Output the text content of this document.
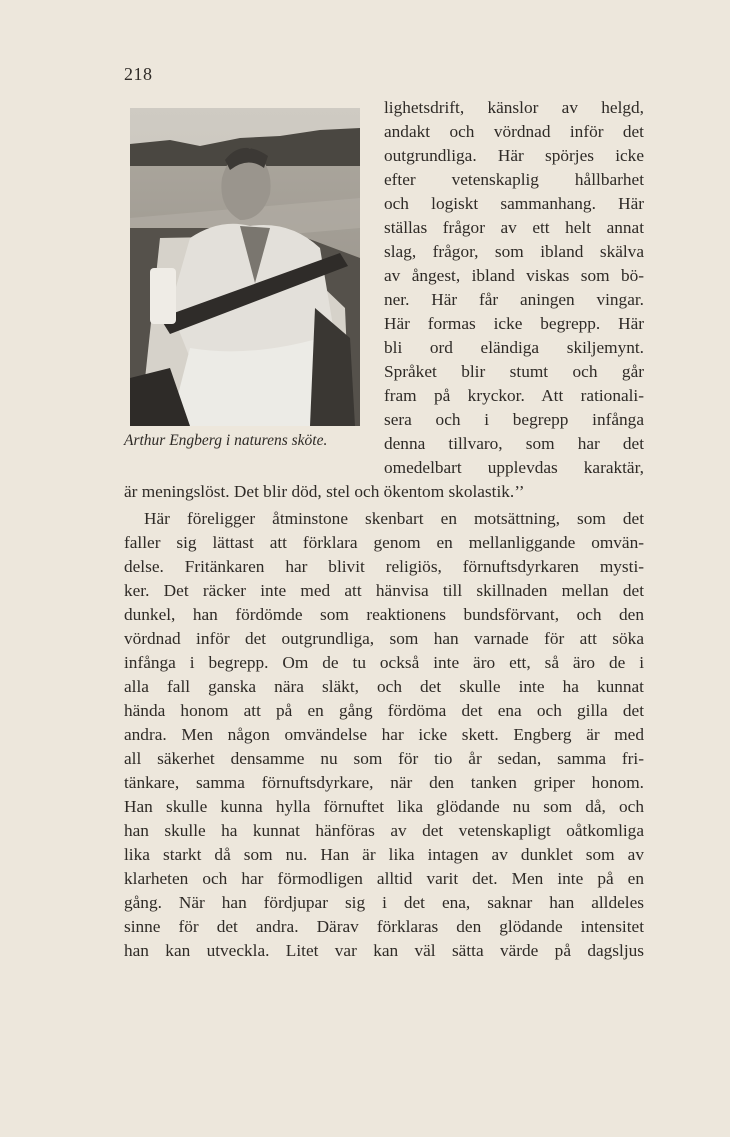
218
Arthur Engberg i naturens sköte.
lighetsdrift, känslor av helgd,
andakt och vördnad inför det
outgrundliga. Här spörjes icke
efter vetenskaplig hållbarhet
och logiskt sammanhang. Här
ställas frågor av ett helt annat
slag, frågor, som ibland skälva
av ångest, ibland viskas som bö-
ner. Här får aningen vingar.
Här formas icke begrepp. Här
bli ord eländiga skiljemynt.
Språket blir stumt och går
fram på kryckor. Att rationali-
sera och i begrepp infånga
denna tillvaro, som har det
omedelbart upplevdas karaktär,
är meningslöst. Det blir död, stel och ökentom skolastik.’’
Här föreligger åtminstone skenbart en motsättning, som det
faller sig lättast att förklara genom en mellanliggande omvän-
delse. Fritänkaren har blivit religiös, förnuftsdyrkaren mysti-
ker. Det räcker inte med att hänvisa till skillnaden mellan det
dunkel, han fördömde som reaktionens bundsförvant, och den
vördnad inför det outgrundliga, som han varnade för att söka
infånga i begrepp. Om de tu också inte äro ett, så äro de i
alla fall ganska nära släkt, och det skulle inte ha kunnat
hända honom att på en gång fördöma det ena och gilla det
andra. Men någon omvändelse har icke skett. Engberg är med
all säkerhet densamme nu som för tio år sedan, samma fri-
tänkare, samma förnuftsdyrkare, när den tanken griper honom.
Han skulle kunna hylla förnuftet lika glödande nu som då, och
han skulle ha kunnat hänföras av det vetenskapligt oåtkomliga
lika starkt då som nu. Han är lika intagen av dunklet som av
klarheten och har förmodligen alltid varit det. Men inte på en
gång. När han fördjupar sig i det ena, saknar han alldeles
sinne för det andra. Därav förklaras den glödande intensitet
han kan utveckla. Litet var kan väl sätta värde på dagsljus
